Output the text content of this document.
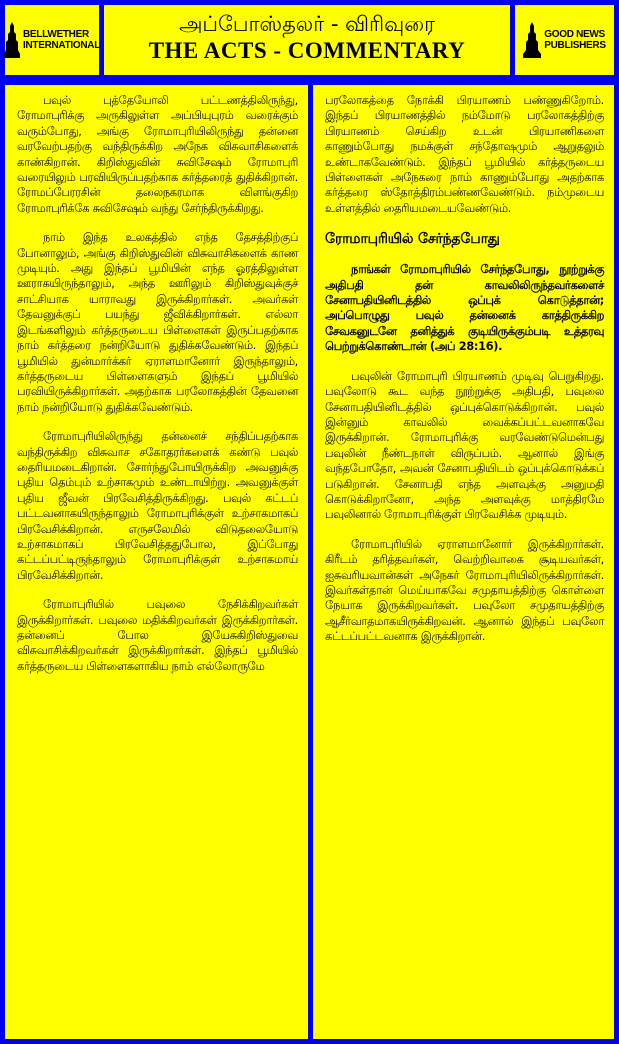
BELLWETHER
INTERNATIONAL
அப்போஸ்தலர் - விரிவுரை
THE ACTS - COMMENTARY
GOOD NEWS
PUBLISHERS

பவுல் புத்தேயோலி பட்டணத்திலிருந்து, ரோமாபுரிக்கு அருகிலுள்ள அப்பியுபுரம் வரைக்கும் வரும்போது, அங்கு ரோமாபுரியிலிருந்து தன்னை வரவேற்பதற்கு வந்திருக்கிற அநேக விசுவாசிகளைக் காண்கிறான். கிறிஸ்துவின் சுவிசேஷம் ரோமாபுரி வரையிலும் பரவியிருப்பதற்காக கர்த்தரைத் துதிக்கிறான். ரோமப்பேரரசின் தலைநகரமாக விளங்குகிற ரோமாபுரிக்கே சுவிசேஷம் வந்து சேர்ந்திருக்கிறது.

நாம் இந்த உலகத்தில் எந்த தேசத்திற்குப் போனாலும், அங்கு கிறிஸ்துவின் விசுவாசிகளைக் காண முடியும். அது இந்தப் பூமியின் எந்த ஓரத்திலுள்ள ஊராகயிருந்தாலும், அந்த ஊரிலும் கிறிஸ்துவுக்குச் சாட்சியாக யாராவது இருக்கிறார்கள். அவர்கள் தேவனுக்குப் பயந்து ஜீவிக்கிறார்கள். எல்லா இடங்களிலும் கர்த்தருடைய பிள்ளைகள் இருப்பதற்காக நாம் கர்த்தரை நன்றியோடு துதிக்கவேண்டும். இந்தப் பூமியில் துன்மார்க்கர் ஏராளமானோர் இருந்தாலும், கர்த்தருடைய பிள்ளைகளும் இந்தப் பூமியில் பரவியிருக்கிறார்கள். அதற்காக பரலோகத்தின் தேவனை நாம் நன்றியோடு துதிக்கவேண்டும்.

ரோமாபுரியிலிருந்து தன்னைச் சந்திப்பதற்காக வந்திருக்கிற விசுவாச சகோதரர்களைக் கண்டு பவுல் தைரியமடைகிறான். சோர்ந்துபோயிருக்கிற அவனுக்கு புதிய தெம்பும் உற்சாகமும் உண்டாயிற்று. அவனுக்குள் புதிய ஜீவன் பிரவேசித்திருக்கிறது. பவுல் கட்டப் பட்டவனாகயிருந்தாலும் ரோமாபுரிக்குள் உற்சாகமாகப் பிரவேசிக்கிறான். எருசலேமில் விடுதலையோடு உற்சாகமாகப் பிரவேசித்ததுபோல, இப்போது கட்டப்பட்டிருந்தாலும் ரோமாபுரிக்குள் உற்சாகமாய் பிரவேசிக்கிறான்.

ரோமாபுரியில் பவுலை நேசிக்கிறவர்கள் இருக்கிறார்கள். பவுலை மதிக்கிறவர்கள் இருக்கிறார்கள். தன்னைப் போல இயேசுகிறிஸ்துவை விசுவாசிக்கிறவர்கள் இருக்கிறார்கள். இந்தப் பூமியில் கர்த்தருடைய பிள்ளைகளாகிய நாம் எல்லோருமே

பரலோகத்தை நோக்கி பிரயாணம் பண்ணுகிறோம். இந்தப் பிரயாணத்தில் நம்மோடு பரலோகத்திற்கு பிரயாணம் செய்கிற உடன் பிரயாணிகளை காணும்போது நமக்குள் சந்தோஷமும் ஆறுதலும் உண்டாகவேண்டும். இந்தப் பூமியில் கர்த்தருடைய பிள்ளைகள் அநேகரை நாம் காணும்போது அதற்காக கர்த்தரை ஸ்தோத்திரம்பண்ணவேண்டும். நம்முடைய உள்ளத்தில் தைரியமடையவேண்டும்.

ரோமாபுரியில் சேர்ந்தபோது

நாங்கள் ரோமாபுரியில் சேர்ந்தபோது, நூற்றுக்கு அதிபதி தன் காவலிலிருந்தவர்களைச் சேனாபதியினிடத்தில் ஒப்புக் கொடுத்தான்; அப்பொழுது பவுல் தன்னைக் காத்திருக்கிற சேவகனுடனே தனித்துக் குடியிருக்கும்படி உத்தரவு பெற்றுக்கொண்டான் (அப் 28:16).

பவுலின் ரோமாபுரி பிரயாணம் முடிவு பெறுகிறது. பவுலோடு கூட வந்த நூற்றுக்கு அதிபதி, பவுலை சேனாபதியினிடத்தில் ஒப்புக்கொடுக்கிறான். பவுல் இன்னும் காவலில் வைக்கப்பட்டவனாகவே இருக்கிறான். ரோமாபுரிக்கு வரவேண்டுமென்பது பவுலின் நீண்டநாள் விருப்பம். ஆனால் இங்கு வந்தபோதோ, அவன் சேனாபதியிடம் ஒப்புக்கொடுக்கப் படுகிறான். சேனாபதி எந்த அளவுக்கு அனுமதி கொடுக்கிறானோ, அந்த அளவுக்கு மாத்திரமே பவுலினால் ரோமாபுரிக்குள் பிரவேசிக்க முடியும்.

ரோமாபுரியில் ஏராளமானோர் இருக்கிறார்கள். கிரீடம் தரித்தவர்கள், வெற்றிவாகை சூடியவர்கள், ஐசுவரியவான்கள் அநேகர் ரோமாபுரியிலிருக்கிறார்கள். இவர்கள்தான் மெய்யாகவே சமுதாயத்திற்கு கொள்ளை நேயாக இருக்கிறவர்கள். பவுலோ சமுதாயத்திற்கு ஆசீர்வாதமாகயிருக்கிறவன். ஆனால் இந்தப் பவுலோ கட்டப்பட்டவனாக இருக்கிறான்.
